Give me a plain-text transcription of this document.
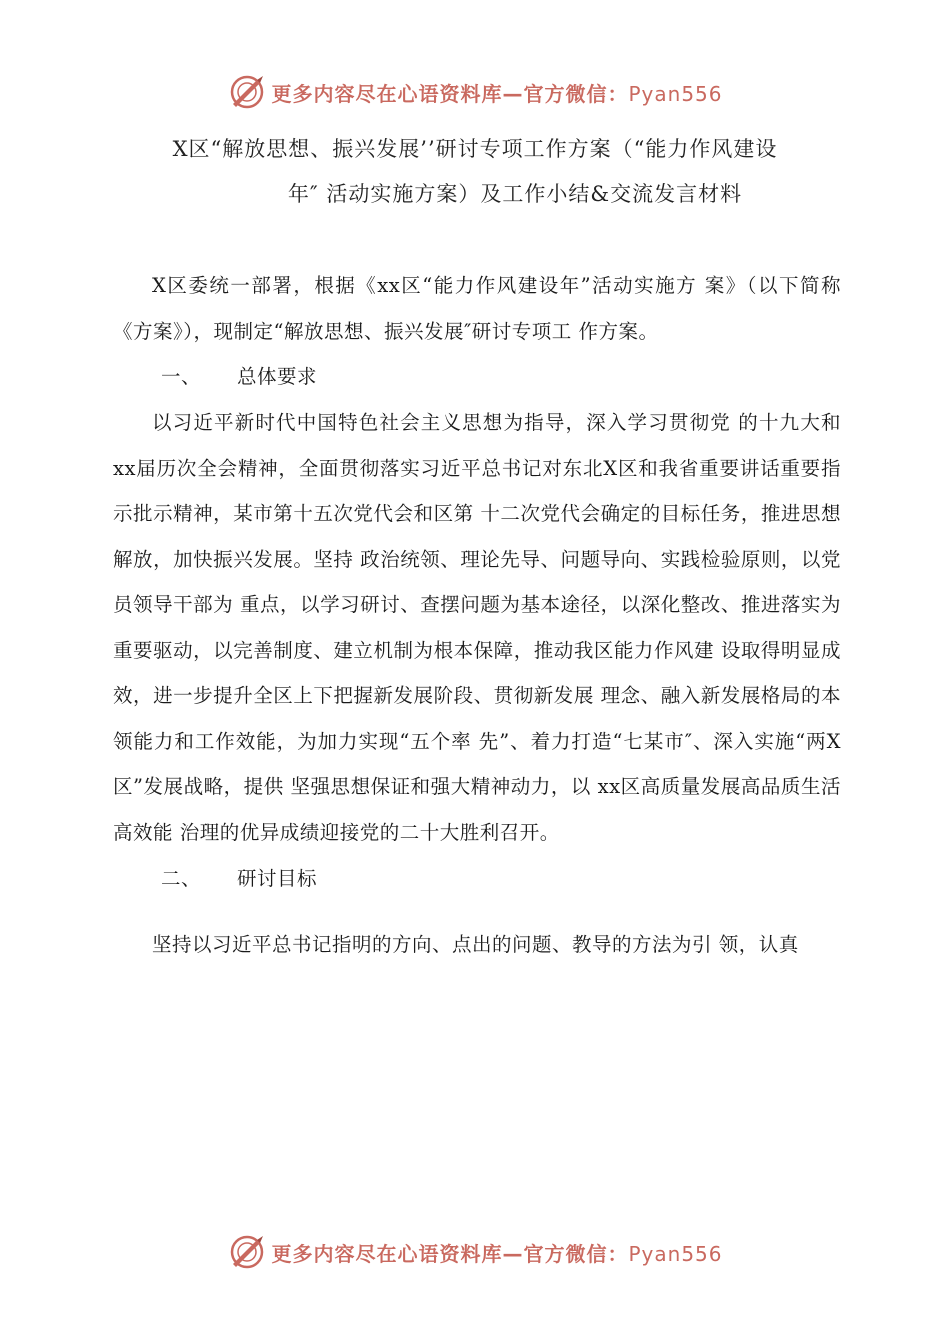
更多内容尽在心语资料库—官方微信：Pyan556
X区“解放思想、振兴发展’’研讨专项工作方案（“能力作风建设
年″ 活动实施方案）及工作小结&交流发言材料

X区委统一部署，根据《xx区“能力作风建设年”活动实施方 案》（以下简称《方案》），现制定“解放思想、振兴发展″研讨专项工 作方案。

一、 总体要求

以习近平新时代中国特色社会主义思想为指导，深入学习贯彻党 的十九大和 xx届历次全会精神，全面贯彻落实习近平总书记对东北X区和我省重要讲话重要指示批示精神，某市第十五次党代会和区第 十二次党代会确定的目标任务，推进思想解放，加快振兴发展。坚持 政治统领、理论先导、问题导向、实践检验原则，以党员领导干部为 重点，以学习研讨、查摆问题为基本途径，以深化整改、推进落实为 重要驱动，以完善制度、建立机制为根本保障，推动我区能力作风建 设取得明显成效，进一步提升全区上下把握新发展阶段、贯彻新发展 理念、融入新发展格局的本领能力和工作效能，为加力实现“五个率 先”、着力打造“七某市″、深入实施“两X区”发展战略，提供 坚强思想保证和强大精神动力，以 xx区高质量发展高品质生活高效能 治理的优异成绩迎接党的二十大胜利召开。

二、 研讨目标

坚持以习近平总书记指明的方向、点出的问题、教导的方法为引 领，认真

更多内容尽在心语资料库—官方微信：Pyan556
